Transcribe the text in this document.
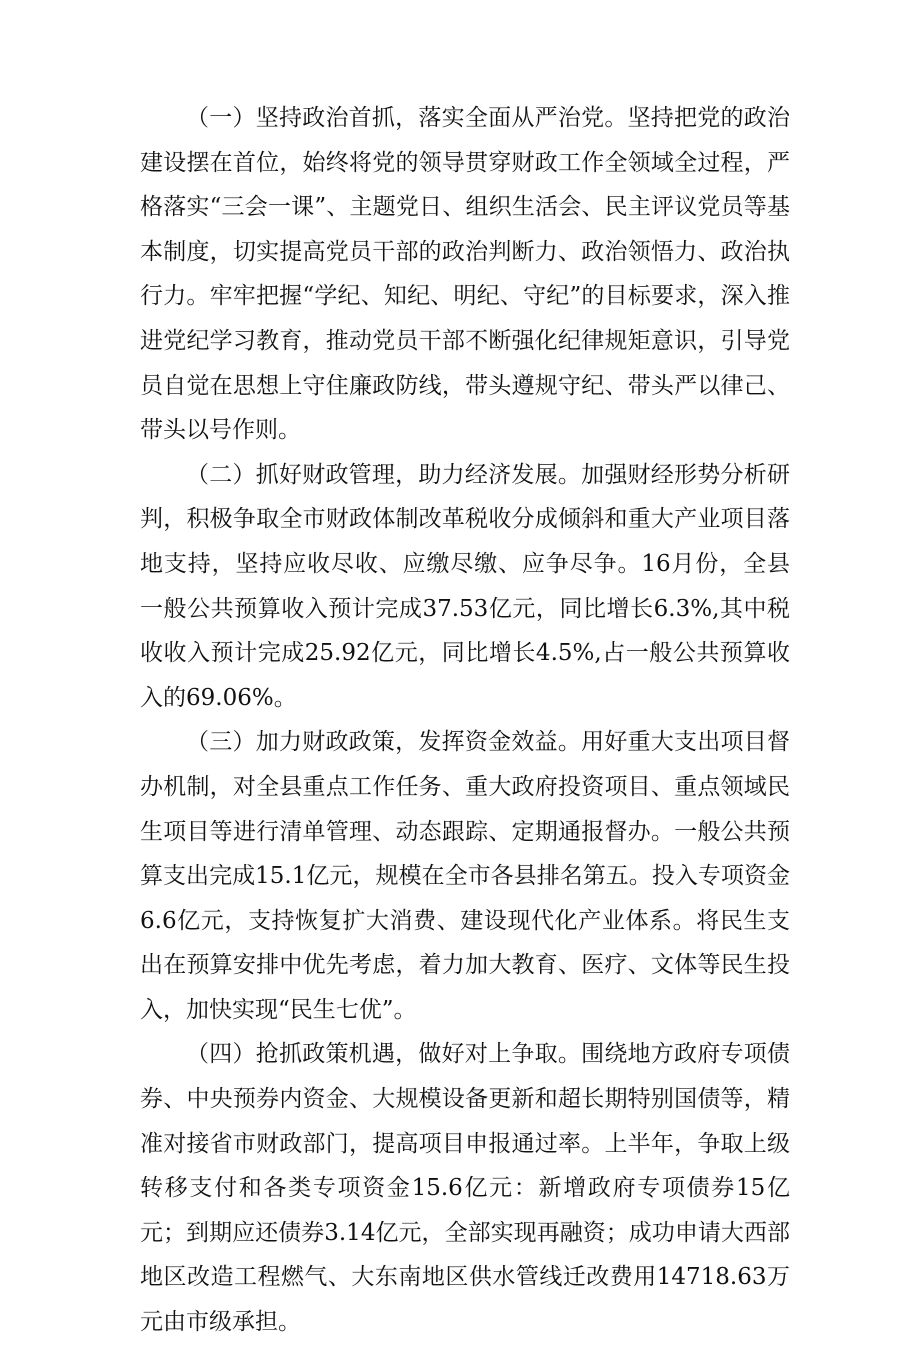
（一）坚持政治首抓，落实全面从严治党。坚持把党的政治建设摆在首位，始终将党的领导贯穿财政工作全领域全过程，严格落实“三会一课”、主题党日、组织生活会、民主评议党员等基本制度，切实提高党员干部的政治判断力、政治领悟力、政治执行力。牢牢把握“学纪、知纪、明纪、守纪”的目标要求，深入推进党纪学习教育，推动党员干部不断强化纪律规矩意识，引导党员自觉在思想上守住廉政防线，带头遵规守纪、带头严以律己、带头以号作则。

（二）抓好财政管理，助力经济发展。加强财经形势分析研判，积极争取全市财政体制改革税收分成倾斜和重大产业项目落地支持，坚持应收尽收、应缴尽缴、应争尽争。16月份，全县一般公共预算收入预计完成37.53亿元，同比增长6.3%,其中税收收入预计完成25.92亿元，同比增长4.5%,占一般公共预算收入的69.06%。

（三）加力财政政策，发挥资金效益。用好重大支出项目督办机制，对全县重点工作任务、重大政府投资项目、重点领域民生项目等进行清单管理、动态跟踪、定期通报督办。一般公共预算支出完成15.1亿元，规模在全市各县排名第五。投入专项资金6.6亿元，支持恢复扩大消费、建设现代化产业体系。将民生支出在预算安排中优先考虑，着力加大教育、医疗、文体等民生投入，加快实现“民生七优”。

（四）抢抓政策机遇，做好对上争取。围绕地方政府专项债券、中央预券内资金、大规模设备更新和超长期特别国债等，精准对接省市财政部门，提高项目申报通过率。上半年，争取上级转移支付和各类专项资金15.6亿元：新增政府专项债券15亿元；到期应还债券3.14亿元，全部实现再融资；成功申请大西部地区改造工程燃气、大东南地区供水管线迁改费用14718.63万元由市级承担。
